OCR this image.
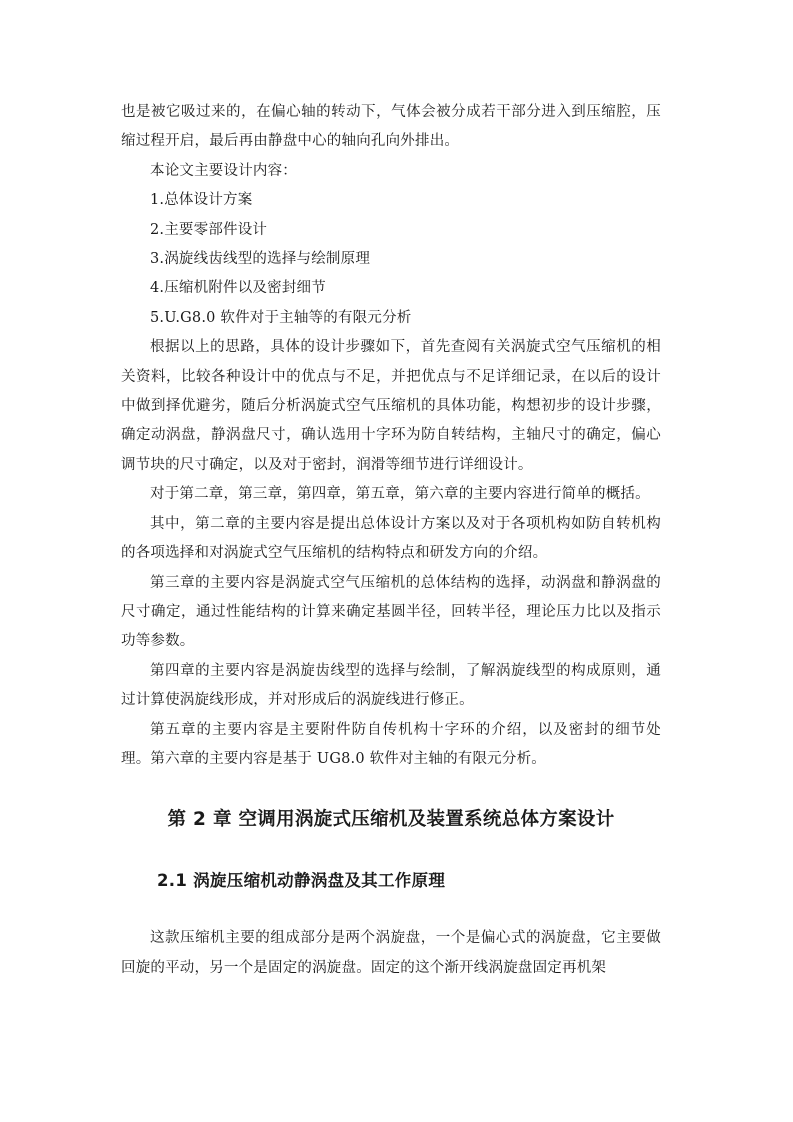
也是被它吸过来的，在偏心轴的转动下，气体会被分成若干部分进入到压缩腔，压缩过程开启，最后再由静盘中心的轴向孔向外排出。

本论文主要设计内容：

1.总体设计方案

2.主要零部件设计

3.涡旋线齿线型的选择与绘制原理

4.压缩机附件以及密封细节

5.U.G8.0 软件对于主轴等的有限元分析

根据以上的思路，具体的设计步骤如下，首先查阅有关涡旋式空气压缩机的相关资料，比较各种设计中的优点与不足，并把优点与不足详细记录，在以后的设计中做到择优避劣，随后分析涡旋式空气压缩机的具体功能，构想初步的设计步骤，确定动涡盘，静涡盘尺寸，确认选用十字环为防自转结构，主轴尺寸的确定，偏心调节块的尺寸确定，以及对于密封，润滑等细节进行详细设计。

对于第二章，第三章，第四章，第五章，第六章的主要内容进行简单的概括。

其中，第二章的主要内容是提出总体设计方案以及对于各项机构如防自转机构的各项选择和对涡旋式空气压缩机的结构特点和研发方向的介绍。

第三章的主要内容是涡旋式空气压缩机的总体结构的选择，动涡盘和静涡盘的尺寸确定，通过性能结构的计算来确定基圆半径，回转半径，理论压力比以及指示功等参数。

第四章的主要内容是涡旋齿线型的选择与绘制，了解涡旋线型的构成原则，通过计算使涡旋线形成，并对形成后的涡旋线进行修正。

第五章的主要内容是主要附件防自传机构十字环的介绍，以及密封的细节处理。第六章的主要内容是基于 UG8.0 软件对主轴的有限元分析。

第 2 章 空调用涡旋式压缩机及装置系统总体方案设计
2.1 涡旋压缩机动静涡盘及其工作原理

这款压缩机主要的组成部分是两个涡旋盘，一个是偏心式的涡旋盘，它主要做回旋的平动，另一个是固定的涡旋盘。固定的这个渐开线涡旋盘固定再机架
